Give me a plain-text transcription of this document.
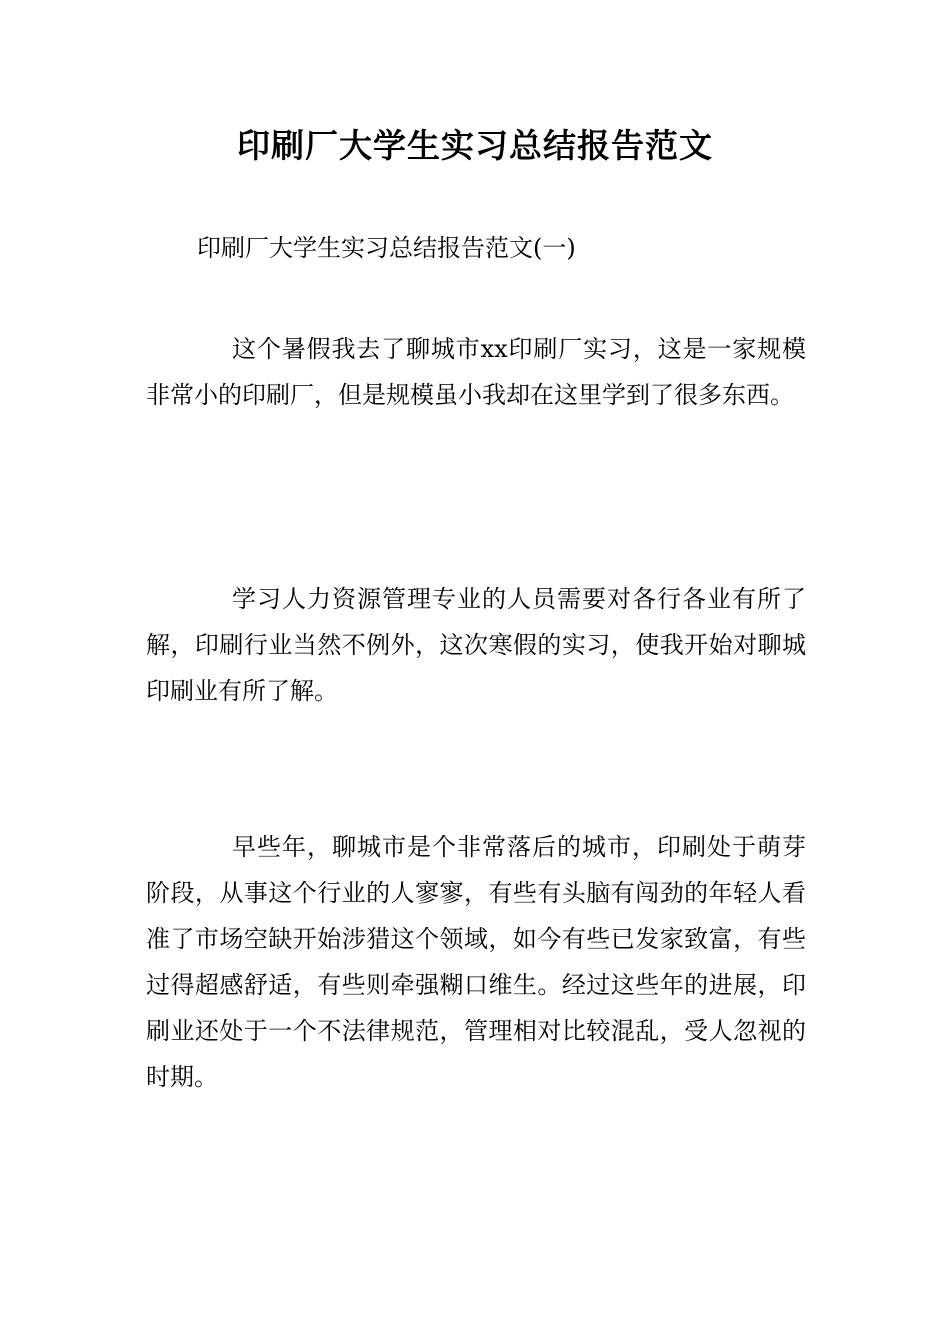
印刷厂大学生实习总结报告范文

印刷厂大学生实习总结报告范文(一)

这个暑假我去了聊城市xx印刷厂实习，这是一家规模非常小的印刷厂，但是规模虽小我却在这里学到了很多东西。

学习人力资源管理专业的人员需要对各行各业有所了解，印刷行业当然不例外，这次寒假的实习，使我开始对聊城印刷业有所了解。

早些年，聊城市是个非常落后的城市，印刷处于萌芽阶段，从事这个行业的人寥寥，有些有头脑有闯劲的年轻人看准了市场空缺开始涉猎这个领域，如今有些已发家致富，有些过得超感舒适，有些则牵强糊口维生。经过这些年的进展，印刷业还处于一个不法律规范，管理相对比较混乱，受人忽视的时期。
